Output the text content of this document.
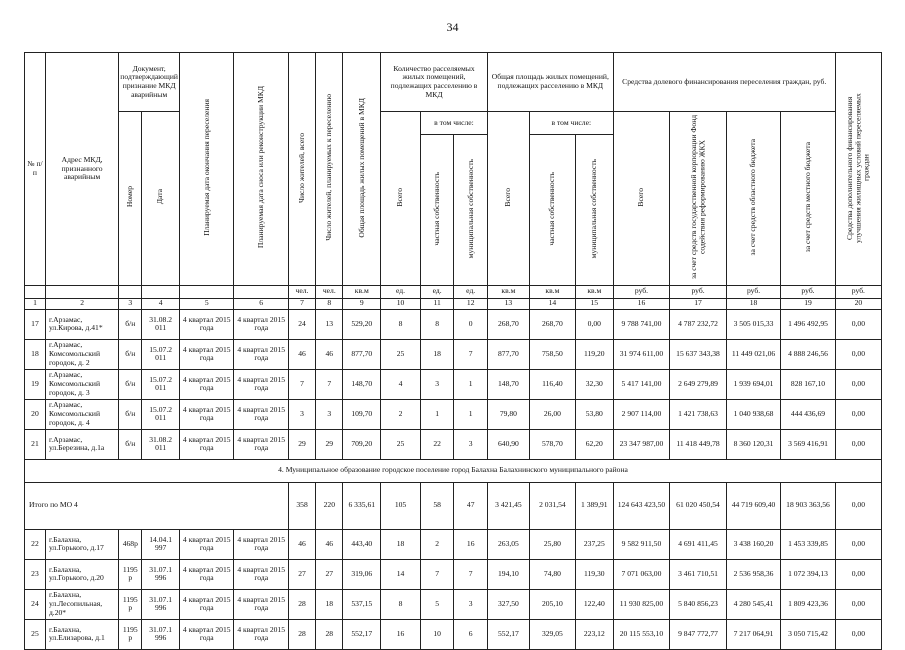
34
№ п/п	Адрес МКД, признанного аварийным	Документ, подтверждающий признание МКД аварийным		Планируемая дата окончания переселения	Планируемая дата сноса или реконструкции МКД	Число жителей, всего	Число жителей, планируемых к переселению	Общая площадь жилых помещений в МКД	Количество расселяемых жилых помещений, подлежащих расселению в МКД			Общая площадь жилых помещений, подлежащих расселению в МКД			Средства долевого финансирования переселения граждан, руб.				Средства дополнительного финансирования улучшения жилищных условий переселяемых граждан
		Номер	Дата						Всего	в том числе:		Всего	в том числе:		Всего	за счет средств государственной корпорации Фонд содействия реформированию ЖКХ	за счет средств областного бюджета	за счет средств местного бюджета	
										частная собственность	муниципальная собственность		частная собственность	муниципальная собственность					
						чел.	чел.	кв.м	ед.	ед.	ед.	кв.м	кв.м	кв.м	руб.	руб.	руб.	руб.	руб.
1	2	3	4	5	6	7	8	9	10	11	12	13	14	15	16	17	18	19	20
17	г.Арзамас, ул.Кирова, д.41*	б/н	31.08.2 011	4 квартал 2015 года	4 квартал 2015 года	24	13	529,20	8	8	0	268,70	268,70	0,00	9 788 741,00	4 787 232,72	3 505 015,33	1 496 492,95	0,00
18	г.Арзамас, Комсомольский городок, д. 2	б/н	15.07.2 011	4 квартал 2015 года	4 квартал 2015 года	46	46	877,70	25	18	7	877,70	758,50	119,20	31 974 611,00	15 637 343,38	11 449 021,06	4 888 246,56	0,00
19	г.Арзамас, Комсомольский городок, д. 3	б/н	15.07.2 011	4 квартал 2015 года	4 квартал 2015 года	7	7	148,70	4	3	1	148,70	116,40	32,30	5 417 141,00	2 649 279,89	1 939 694,01	828 167,10	0,00
20	г.Арзамас, Комсомольский городок, д. 4	б/н	15.07.2 011	4 квартал 2015 года	4 квартал 2015 года	3	3	109,70	2	1	1	79,80	26,00	53,80	2 907 114,00	1 421 738,63	1 040 938,68	444 436,69	0,00
21	г.Арзамас, ул.Березина, д.1а	б/н	31.08.2 011	4 квартал 2015 года	4 квартал 2015 года	29	29	709,20	25	22	3	640,90	578,70	62,20	23 347 987,00	11 418 449,78	8 360 120,31	3 569 416,91	0,00
4. Муниципальное образование городское поселение город Балахна Балахнинского муниципального района																			
Итого по МО 4						358	220	6 335,61	105	58	47	3 421,45	2 031,54	1 389,91	124 643 423,50	61 020 450,54	44 719 609,40	18 903 363,56	0,00
22	г.Балахна, ул.Горького, д.17	468р	14.04.1 997	4 квартал 2015 года	4 квартал 2015 года	46	46	443,40	18	2	16	263,05	25,80	237,25	9 582 911,50	4 691 411,45	3 438 160,20	1 453 339,85	0,00
23	г.Балахна, ул.Горького, д.20	1195 р	31.07.1 996	4 квартал 2015 года	4 квартал 2015 года	27	27	319,06	14	7	7	194,10	74,80	119,30	7 071 063,00	3 461 710,51	2 536 958,36	1 072 394,13	0,00
24	г.Балахна, ул.Лесопильная, д.20*	1195 р	31.07.1 996	4 квартал 2015 года	4 квартал 2015 года	28	18	537,15	8	5	3	327,50	205,10	122,40	11 930 825,00	5 840 856,23	4 280 545,41	1 809 423,36	0,00
25	г.Балахна, ул.Елизарова, д.1	1195 р	31.07.1 996	4 квартал 2015 года	4 квартал 2015 года	28	28	552,17	16	10	6	552,17	329,05	223,12	20 115 553,10	9 847 772,77	7 217 064,91	3 050 715,42	0,00
